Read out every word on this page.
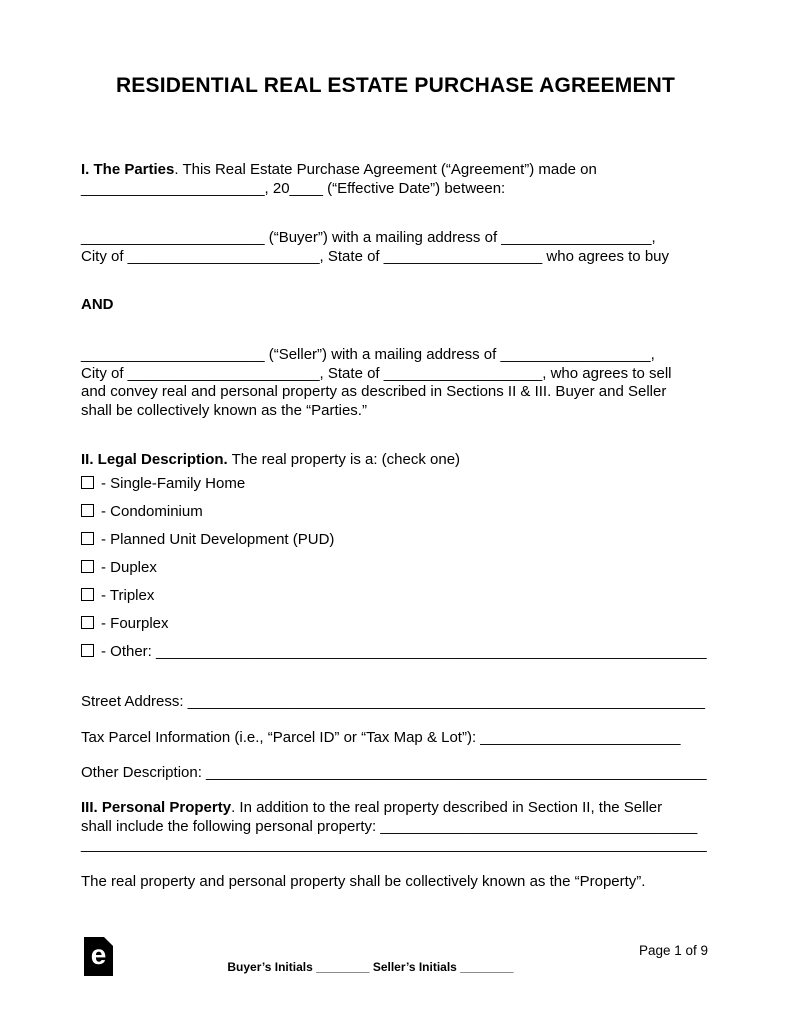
RESIDENTIAL REAL ESTATE PURCHASE AGREEMENT
I. The Parties. This Real Estate Purchase Agreement (“Agreement”) made on
______________________, 20____ (“Effective Date”) between:
______________________ (“Buyer”) with a mailing address of __________________,
City of _______________________, State of ___________________ who agrees to buy
AND
______________________ (“Seller”) with a mailing address of __________________,
City of _______________________, State of ___________________, who agrees to sell
and convey real and personal property as described in Sections II & III. Buyer and Seller
shall be collectively known as the “Parties.”
II. Legal Description. The real property is a: (check one)
- Single-Family Home
- Condominium
- Planned Unit Development (PUD)
- Duplex
- Triplex
- Fourplex
- Other: __________________________________________________________________
Street Address: ______________________________________________________________
Tax Parcel Information (i.e., “Parcel ID” or “Tax Map & Lot”): ________________________
Other Description: ____________________________________________________________
III. Personal Property. In addition to the real property described in Section II, the Seller
shall include the following personal property: ______________________________________
___________________________________________________________________________
The real property and personal property shall be collectively known as the “Property”.
e	Page 1 of 9
Buyer’s Initials ________ Seller’s Initials ________
